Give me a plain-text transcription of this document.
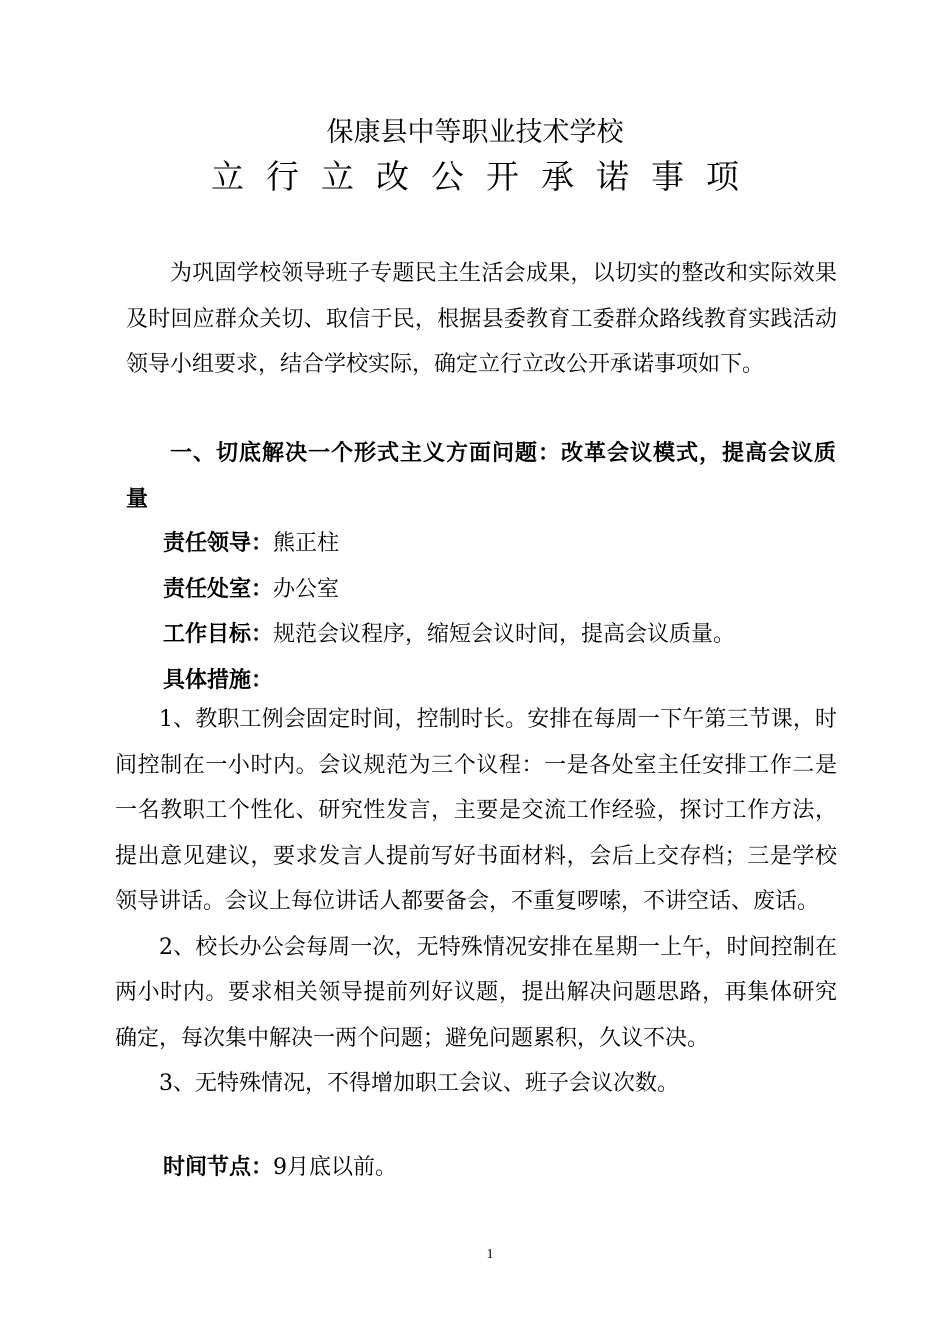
保康县中等职业技术学校
立行立改公开承诺事项

为巩固学校领导班子专题民主生活会成果，以切实的整改和实际效果及时回应群众关切、取信于民，根据县委教育工委群众路线教育实践活动领导小组要求，结合学校实际，确定立行立改公开承诺事项如下。

一、切底解决一个形式主义方面问题：改革会议模式，提高会议质量

责任领导：熊正柱

责任处室：办公室

工作目标：规范会议程序，缩短会议时间，提高会议质量。

具体措施：

1、教职工例会固定时间，控制时长。安排在每周一下午第三节课，时间控制在一小时内。会议规范为三个议程：一是各处室主任安排工作二是一名教职工个性化、研究性发言，主要是交流工作经验，探讨工作方法，提出意见建议，要求发言人提前写好书面材料，会后上交存档；三是学校领导讲话。会议上每位讲话人都要备会，不重复啰嗦，不讲空话、废话。

2、校长办公会每周一次，无特殊情况安排在星期一上午，时间控制在两小时内。要求相关领导提前列好议题，提出解决问题思路，再集体研究确定，每次集中解决一两个问题；避免问题累积，久议不决。

3、无特殊情况，不得增加职工会议、班子会议次数。

时间节点：9月底以前。
1
